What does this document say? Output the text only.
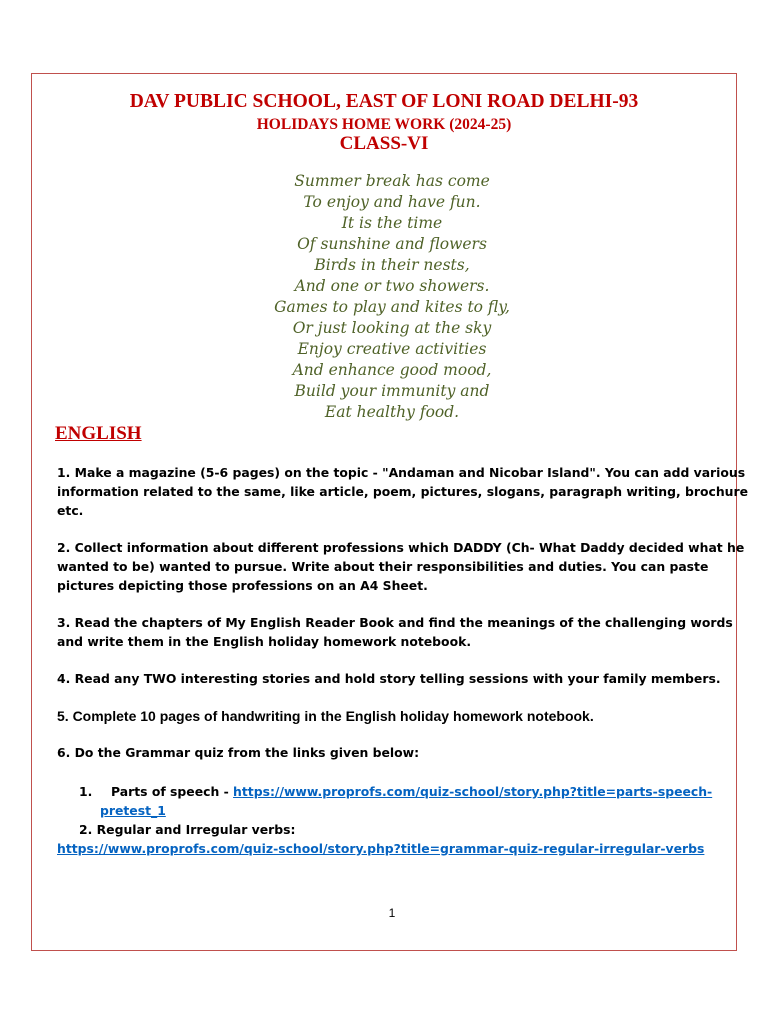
DAV PUBLIC SCHOOL, EAST OF LONI ROAD DELHI-93
HOLIDAYS HOME WORK (2024-25)
CLASS-VI
Summer break has come
To enjoy and have fun.
It is the time
Of sunshine and flowers
Birds in their nests,
And one or two showers.
Games to play and kites to fly,
Or just looking at the sky
Enjoy creative activities
And enhance good mood,
Build your immunity and
Eat healthy food.
ENGLISH
1. Make a magazine (5-6 pages) on the topic - "Andaman and Nicobar Island". You can add various
information related to the same, like article, poem, pictures, slogans, paragraph writing, brochure
etc.
2. Collect information about different professions which DADDY (Ch- What Daddy decided what he
wanted to be) wanted to pursue. Write about their responsibilities and duties. You can paste
pictures depicting those professions on an A4 Sheet.
3. Read the chapters of My English Reader Book and find the meanings of the challenging words
and write them in the English holiday homework notebook.
4. Read any TWO interesting stories and hold story telling sessions with your family members.
5. Complete 10 pages of handwriting in the English holiday homework notebook.
6. Do the Grammar quiz from the links given below:
1. Parts of speech - https://www.proprofs.com/quiz-school/story.php?title=parts-speech-
pretest_1
2. Regular and Irregular verbs:
https://www.proprofs.com/quiz-school/story.php?title=grammar-quiz-regular-irregular-verbs
1
